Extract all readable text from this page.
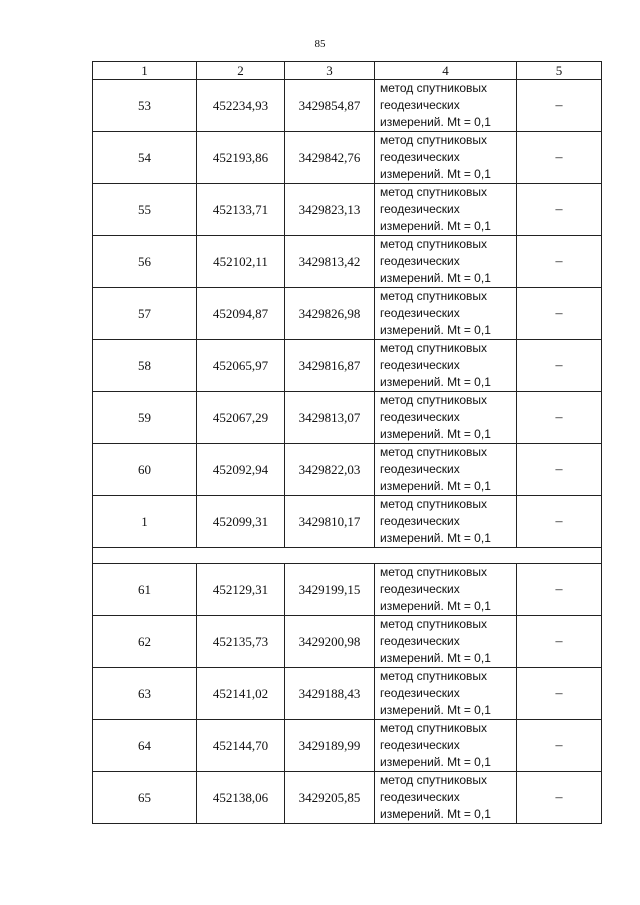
85
1	2	3	4	5
53	452234,93	3429854,87	метод спутниковых
геодезических
измерений. Mt = 0,1	–
54	452193,86	3429842,76	метод спутниковых
геодезических
измерений. Mt = 0,1	–
55	452133,71	3429823,13	метод спутниковых
геодезических
измерений. Mt = 0,1	–
56	452102,11	3429813,42	метод спутниковых
геодезических
измерений. Mt = 0,1	–
57	452094,87	3429826,98	метод спутниковых
геодезических
измерений. Mt = 0,1	–
58	452065,97	3429816,87	метод спутниковых
геодезических
измерений. Mt = 0,1	–
59	452067,29	3429813,07	метод спутниковых
геодезических
измерений. Mt = 0,1	–
60	452092,94	3429822,03	метод спутниковых
геодезических
измерений. Mt = 0,1	–
1	452099,31	3429810,17	метод спутниковых
геодезических
измерений. Mt = 0,1	–

61	452129,31	3429199,15	метод спутниковых
геодезических
измерений. Mt = 0,1	–
62	452135,73	3429200,98	метод спутниковых
геодезических
измерений. Mt = 0,1	–
63	452141,02	3429188,43	метод спутниковых
геодезических
измерений. Mt = 0,1	–
64	452144,70	3429189,99	метод спутниковых
геодезических
измерений. Mt = 0,1	–
65	452138,06	3429205,85	метод спутниковых
геодезических
измерений. Mt = 0,1	–
